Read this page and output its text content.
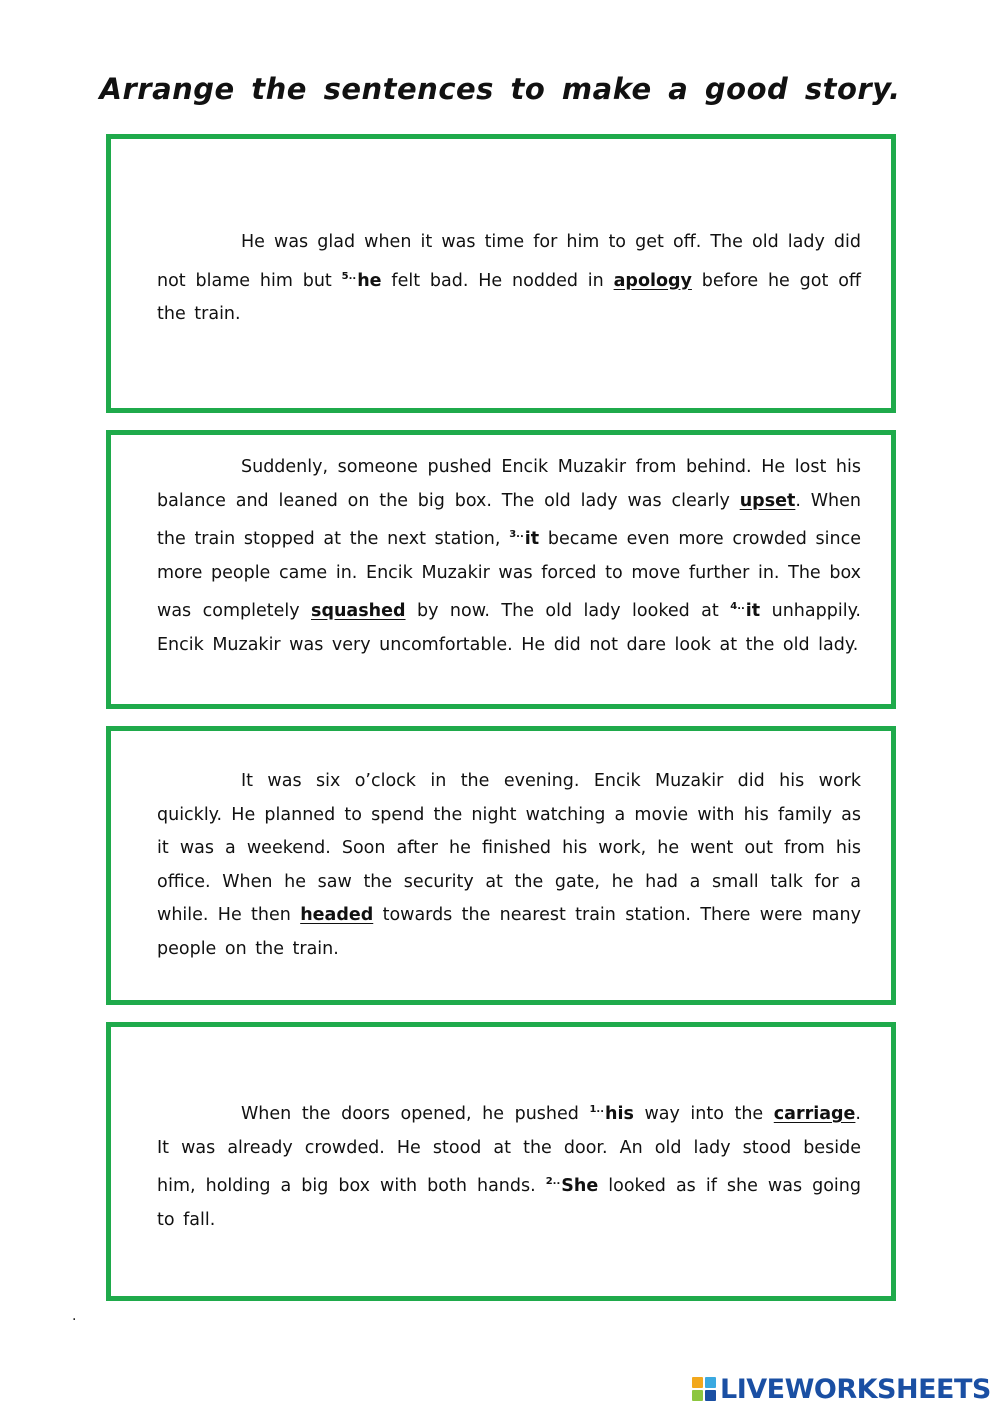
Arrange the sentences to make a good story.
He was glad when it was time for him to get off. The old lady did not blame him but $^{5..}$he felt bad. He nodded in apology before he got off the train.
Suddenly, someone pushed Encik Muzakir from behind. He lost his balance and leaned on the big box. The old lady was clearly upset. When the train stopped at the next station, $^{3..}$it became even more crowded since more people came in. Encik Muzakir was forced to move further in. The box was completely squashed by now. The old lady looked at $^{4..}$it unhappily. Encik Muzakir was very uncomfortable. He did not dare look at the old lady.
It was six o’clock in the evening. Encik Muzakir did his work quickly. He planned to spend the night watching a movie with his family as it was a weekend. Soon after he finished his work, he went out from his office. When he saw the security at the gate, he had a small talk for a while. He then headed towards the nearest train station. There were many people on the train.
When the doors opened, he pushed $^{1..}$his way into the carriage. It was already crowded. He stood at the door. An old lady stood beside him, holding a big box with both hands. $^{2..}$She looked as if she was going to fall.
.
LIVEWORKSHEETS
